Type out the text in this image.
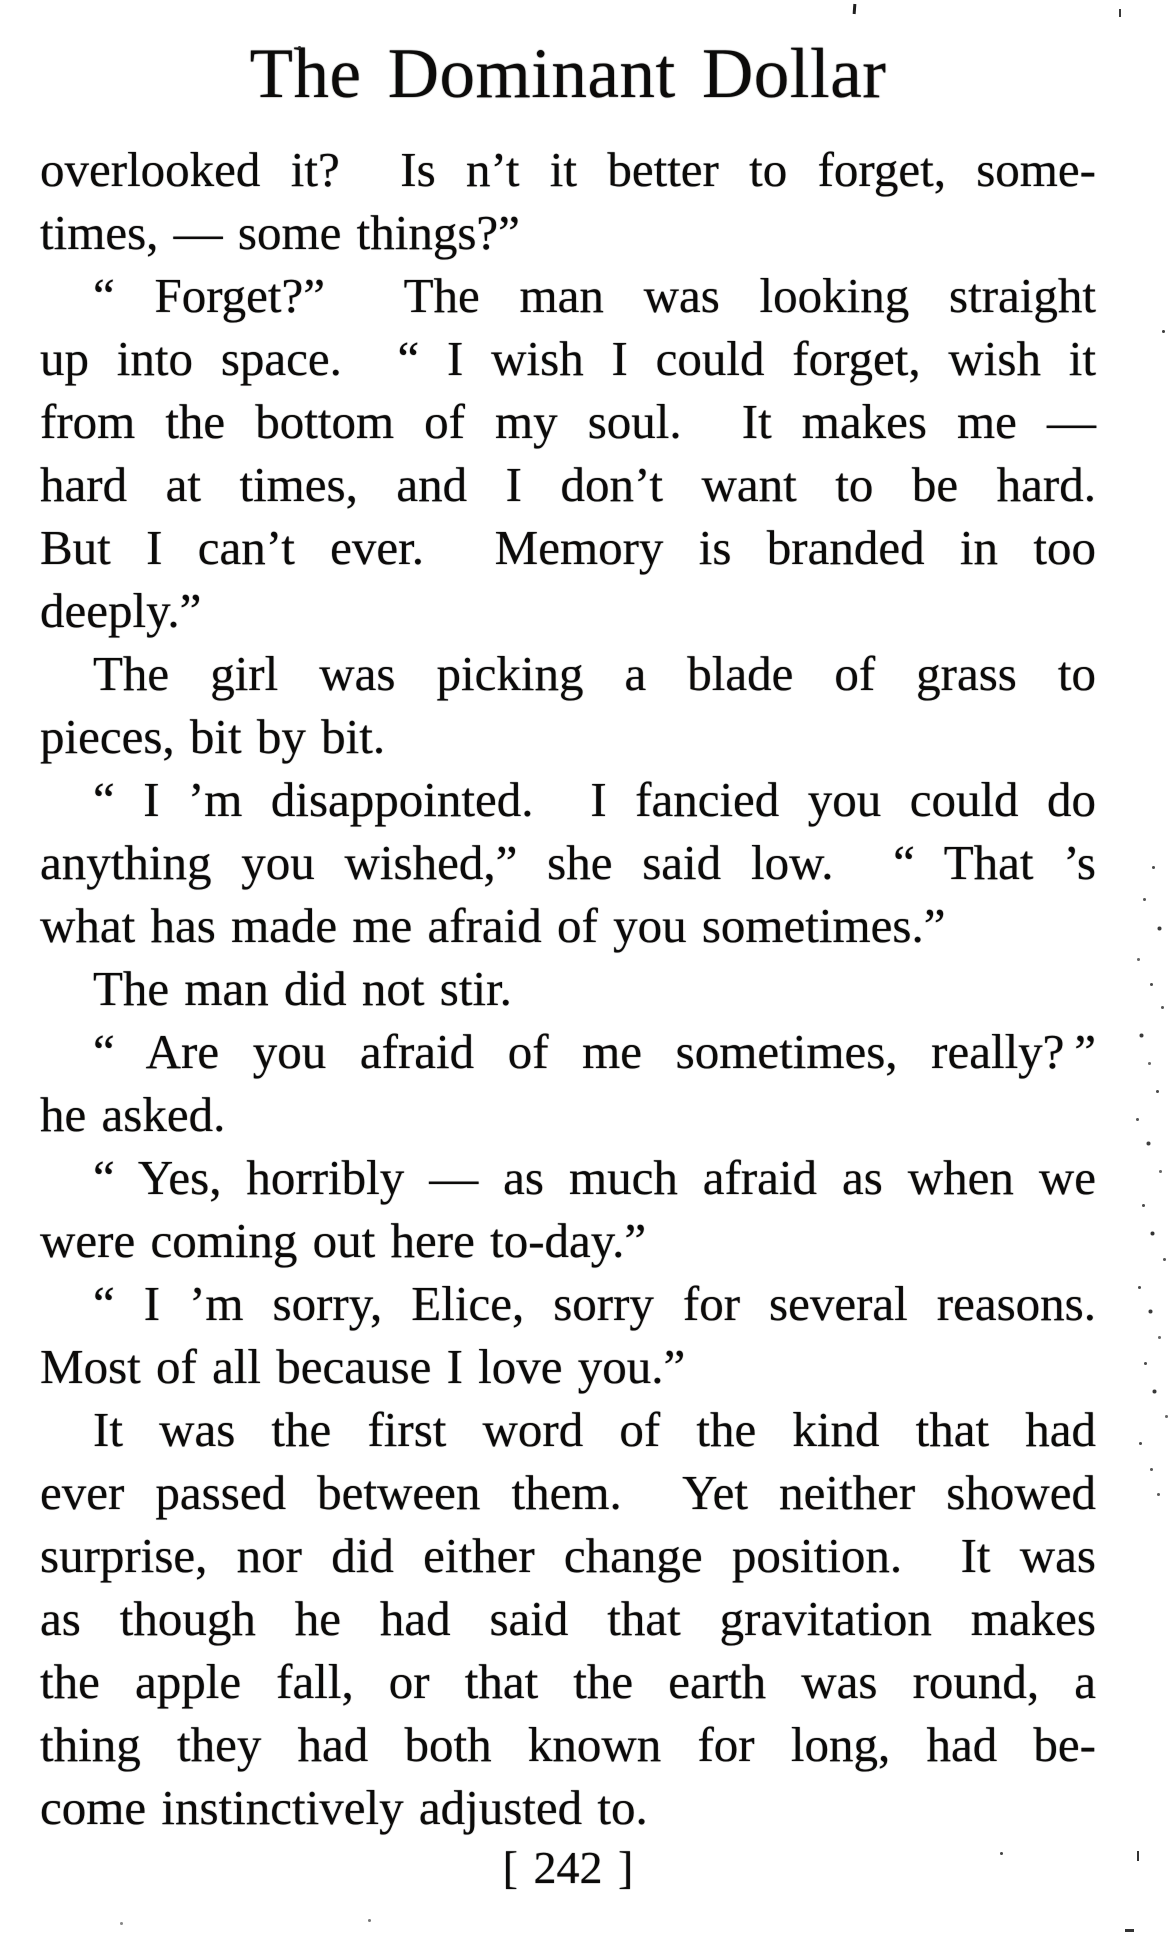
The Dominant Dollar
overlooked it?  Is n’t it better to forget, some-
times, — some things?”
“ Forget?”  The man was looking straight
up into space.  “ I wish I could forget, wish it
from the bottom of my soul.  It makes me —
hard at times, and I don’t want to be hard.
But I can’t ever.  Memory is branded in too
deeply.”
The girl was picking a blade of grass to
pieces, bit by bit.
“ I ’m disappointed.  I fancied you could do
anything you wished,” she said low.  “ That ’s
what has made me afraid of you sometimes.”
The man did not stir.
“ Are you afraid of me sometimes, really? ”
he asked.
“ Yes, horribly — as much afraid as when we
were coming out here to-day.”
“ I ’m sorry, Elice, sorry for several reasons.
Most of all because I love you.”
It was the first word of the kind that had
ever passed between them.  Yet neither showed
surprise, nor did either change position.  It was
as though he had said that gravitation makes
the apple fall, or that the earth was round, a
thing they had both known for long, had be-
come instinctively adjusted to.
[ 242 ]
